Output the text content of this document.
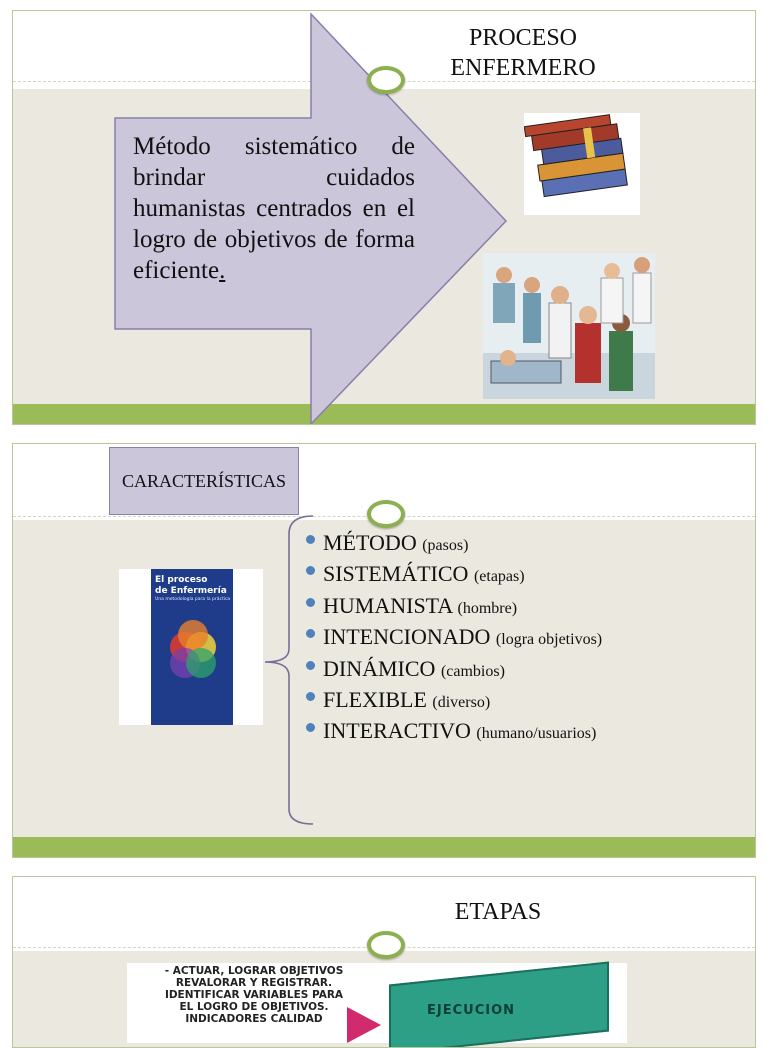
PROCESO
ENFERMERO
Método sistemático de brindar cuidados humanistas centrados en el logro de objetivos de forma eficiente.
CARACTERÍSTICAS
El proceso
de Enfermería
Una metodología para la práctica
MÉTODO (pasos)
SISTEMÁTICO (etapas)
HUMANISTA (hombre)
INTENCIONADO (logra objetivos)
DINÁMICO (cambios)
FLEXIBLE (diverso)
INTERACTIVO (humano/usuarios)
ETAPAS
- ACTUAR, LOGRAR OBJETIVOS
REVALORAR Y REGISTRAR.
IDENTIFICAR VARIABLES PARA
EL LOGRO DE OBJETIVOS.
INDICADORES CALIDAD
EJECUCION
